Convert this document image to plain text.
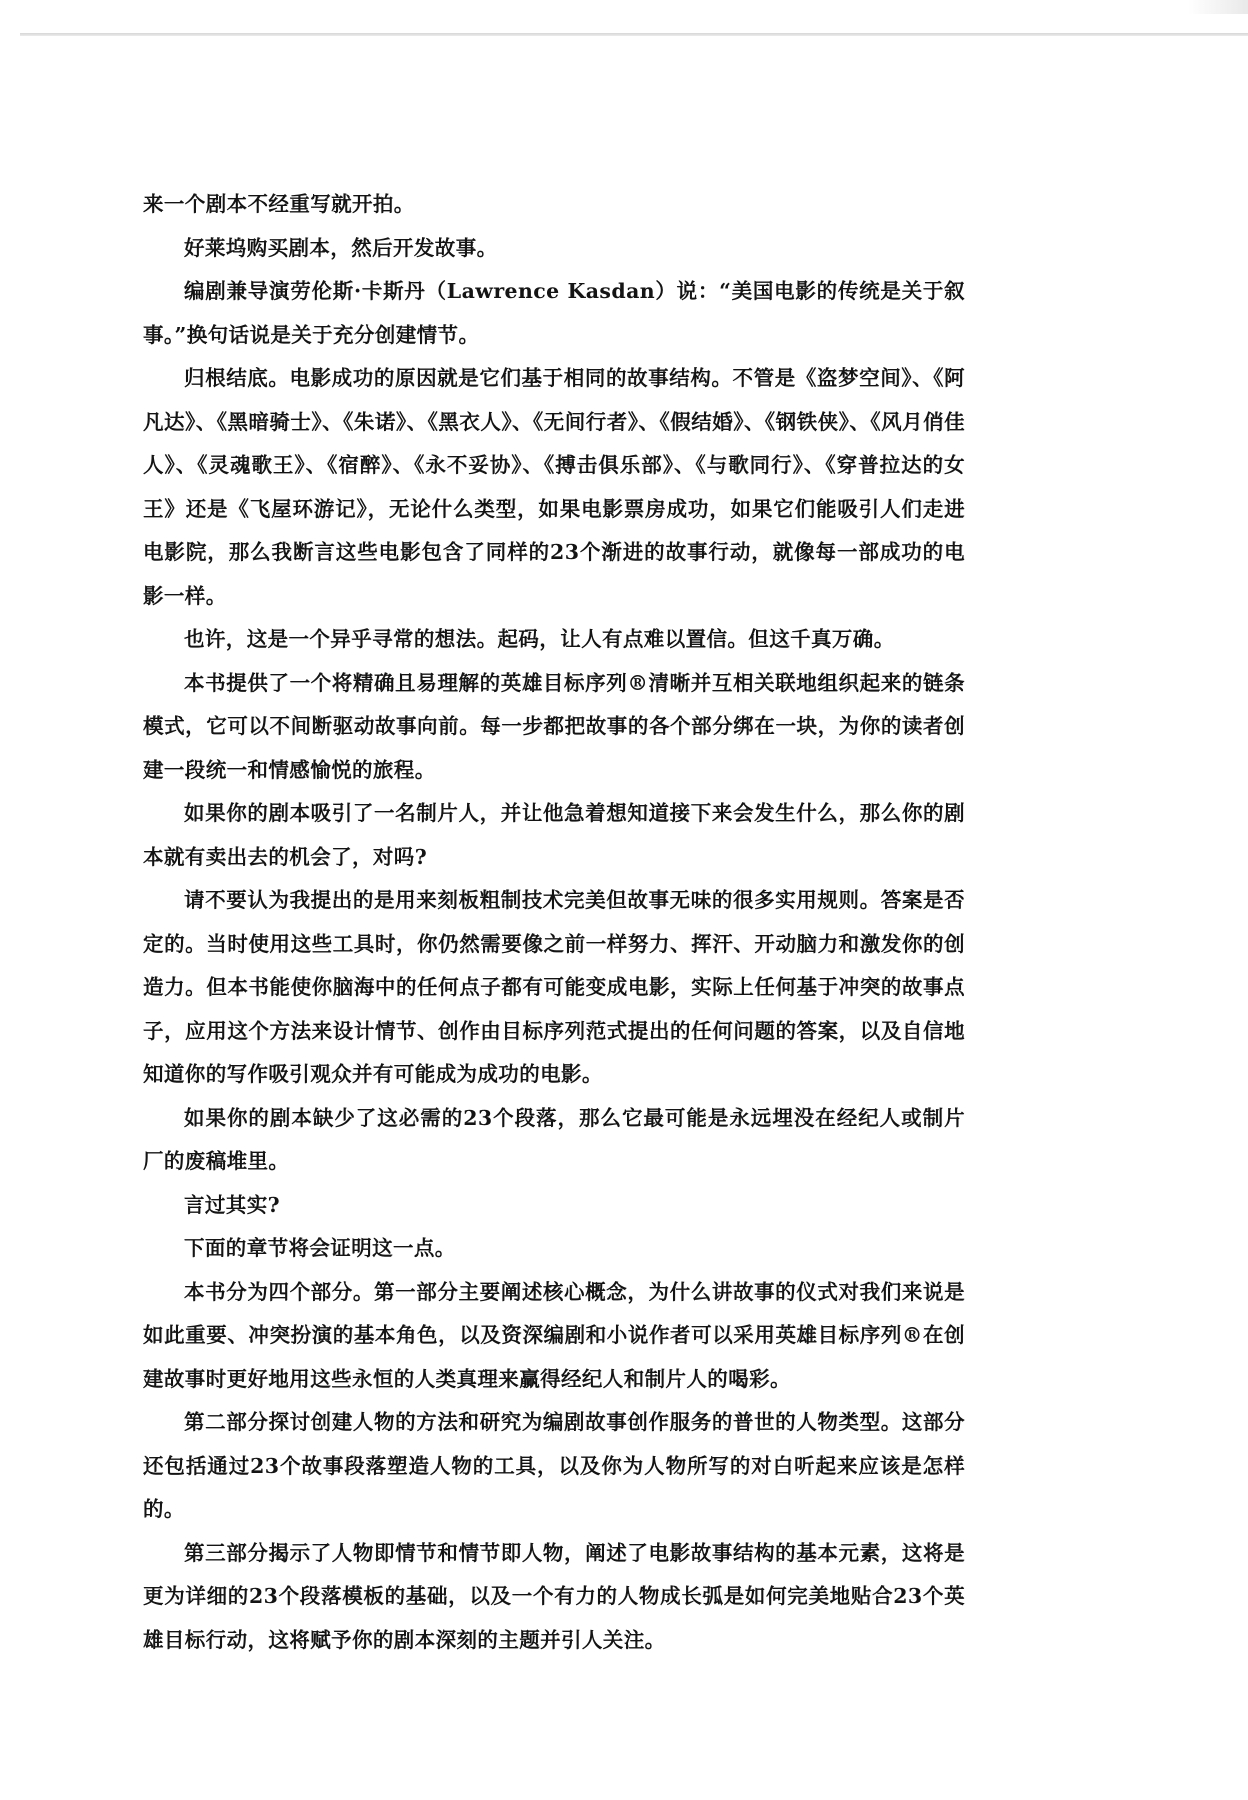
来一个剧本不经重写就开拍。

好莱坞购买剧本，然后开发故事。

编剧兼导演劳伦斯·卡斯丹（Lawrence Kasdan）说：“美国电影的传统是关于叙事。”换句话说是关于充分创建情节。

归根结底。电影成功的原因就是它们基于相同的故事结构。不管是《盗梦空间》、《阿凡达》、《黑暗骑士》、《朱诺》、《黑衣人》、《无间行者》、《假结婚》、《钢铁侠》、《风月俏佳人》、《灵魂歌王》、《宿醉》、《永不妥协》、《搏击俱乐部》、《与歌同行》、《穿普拉达的女王》还是《飞屋环游记》，无论什么类型，如果电影票房成功，如果它们能吸引人们走进电影院，那么我断言这些电影包含了同样的23个渐进的故事行动，就像每一部成功的电影一样。

也许，这是一个异乎寻常的想法。起码，让人有点难以置信。但这千真万确。

本书提供了一个将精确且易理解的英雄目标序列®清晰并互相关联地组织起来的链条模式，它可以不间断驱动故事向前。每一步都把故事的各个部分绑在一块，为你的读者创建一段统一和情感愉悦的旅程。

如果你的剧本吸引了一名制片人，并让他急着想知道接下来会发生什么，那么你的剧本就有卖出去的机会了，对吗?

请不要认为我提出的是用来刻板粗制技术完美但故事无味的很多实用规则。答案是否定的。当时使用这些工具时，你仍然需要像之前一样努力、挥汗、开动脑力和激发你的创造力。但本书能使你脑海中的任何点子都有可能变成电影，实际上任何基于冲突的故事点子，应用这个方法来设计情节、创作由目标序列范式提出的任何问题的答案，以及自信地知道你的写作吸引观众并有可能成为成功的电影。

如果你的剧本缺少了这必需的23个段落，那么它最可能是永远埋没在经纪人或制片厂的废稿堆里。

言过其实?

下面的章节将会证明这一点。

本书分为四个部分。第一部分主要阐述核心概念，为什么讲故事的仪式对我们来说是如此重要、冲突扮演的基本角色，以及资深编剧和小说作者可以采用英雄目标序列®在创建故事时更好地用这些永恒的人类真理来赢得经纪人和制片人的喝彩。

第二部分探讨创建人物的方法和研究为编剧故事创作服务的普世的人物类型。这部分还包括通过23个故事段落塑造人物的工具，以及你为人物所写的对白听起来应该是怎样的。

第三部分揭示了人物即情节和情节即人物，阐述了电影故事结构的基本元素，这将是更为详细的23个段落模板的基础，以及一个有力的人物成长弧是如何完美地贴合23个英雄目标行动，这将赋予你的剧本深刻的主题并引人关注。
